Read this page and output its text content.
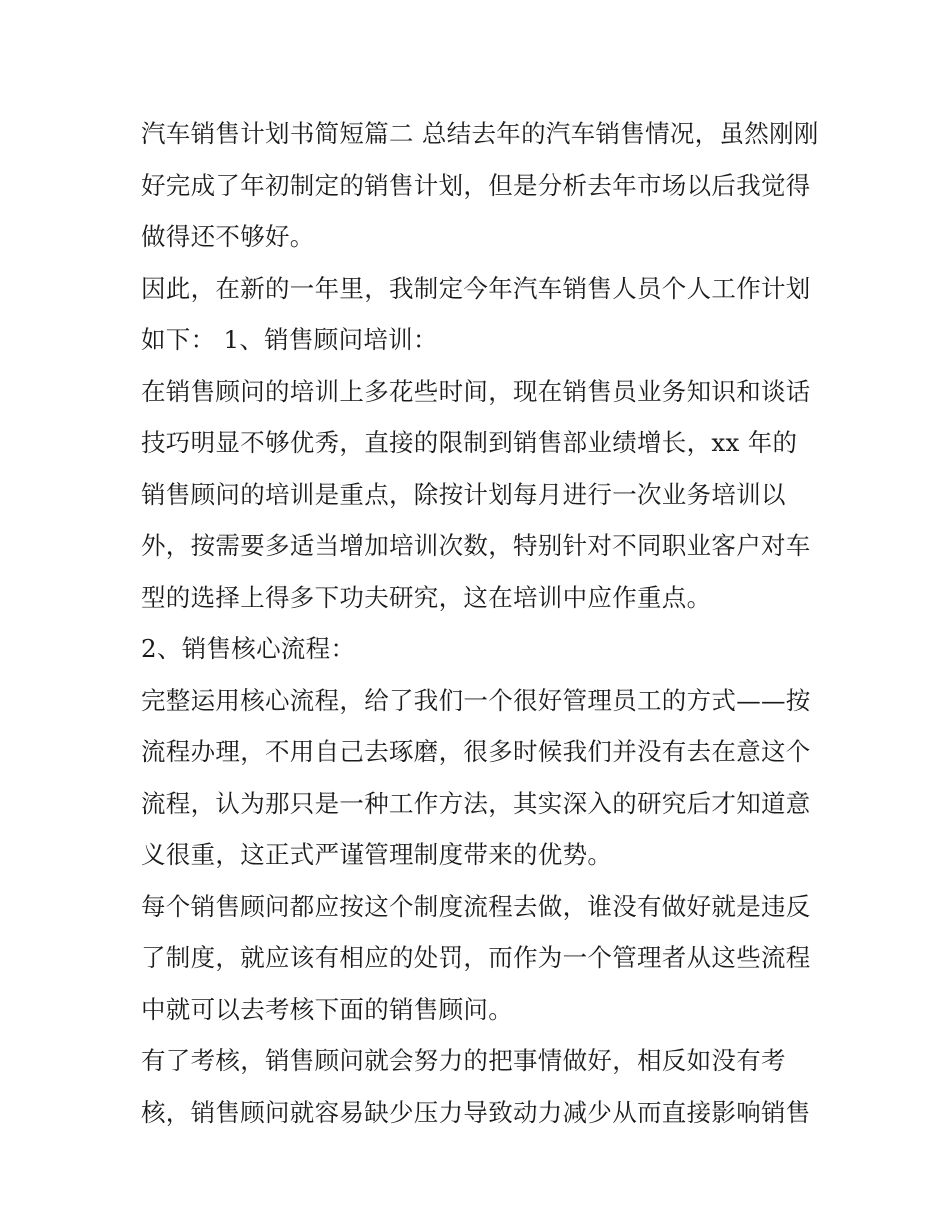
汽车销售计划书简短篇二 总结去年的汽车销售情况，虽然刚刚好完成了年初制定的销售计划，但是分析去年市场以后我觉得做得还不够好。

因此，在新的一年里，我制定今年汽车销售人员个人工作计划如下： 1、销售顾问培训：

在销售顾问的培训上多花些时间，现在销售员业务知识和谈话技巧明显不够优秀，直接的限制到销售部业绩增长，xx 年的销售顾问的培训是重点，除按计划每月进行一次业务培训以外，按需要多适当增加培训次数，特别针对不同职业客户对车型的选择上得多下功夫研究，这在培训中应作重点。

2、销售核心流程：

完整运用核心流程，给了我们一个很好管理员工的方式——按流程办理，不用自己去琢磨，很多时候我们并没有去在意这个流程，认为那只是一种工作方法，其实深入的研究后才知道意义很重，这正式严谨管理制度带来的优势。

每个销售顾问都应按这个制度流程去做，谁没有做好就是违反了制度，就应该有相应的处罚，而作为一个管理者从这些流程中就可以去考核下面的销售顾问。

有了考核，销售顾问就会努力的把事情做好，相反如没有考核，销售顾问就容易缺少压力导致动力减少从而直接影响销售
